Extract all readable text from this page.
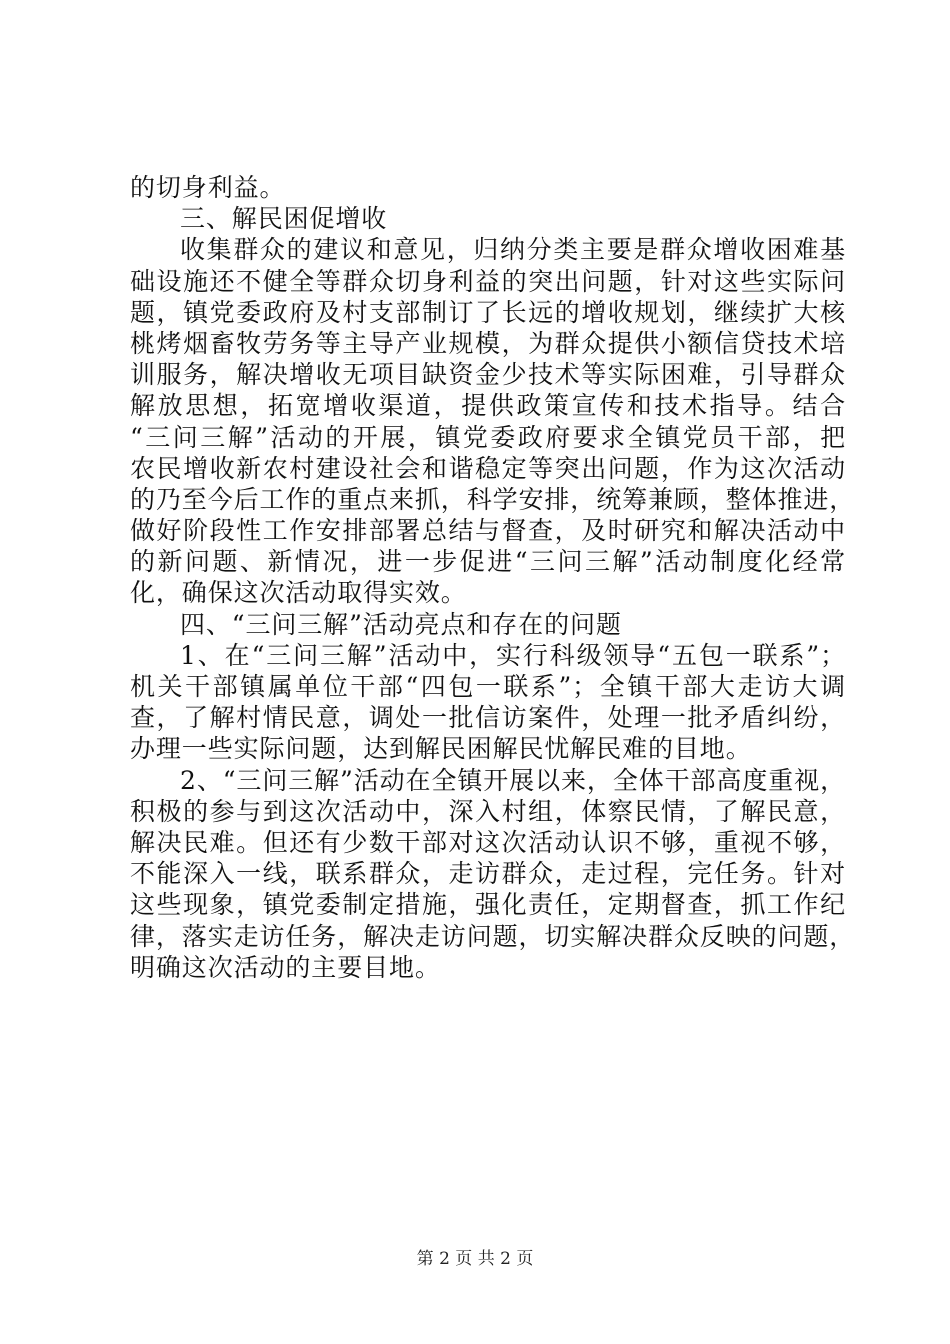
的切身利益。
三、解民困促增收
收集群众的建议和意见，归纳分类主要是群众增收困难基
础设施还不健全等群众切身利益的突出问题，针对这些实际问
题，镇党委政府及村支部制订了长远的增收规划，继续扩大核
桃烤烟畜牧劳务等主导产业规模，为群众提供小额信贷技术培
训服务，解决增收无项目缺资金少技术等实际困难，引导群众
解放思想，拓宽增收渠道，提供政策宣传和技术指导。结合
“三问三解”活动的开展，镇党委政府要求全镇党员干部，把
农民增收新农村建设社会和谐稳定等突出问题，作为这次活动
的乃至今后工作的重点来抓，科学安排，统筹兼顾，整体推进，
做好阶段性工作安排部署总结与督查，及时研究和解决活动中
的新问题、新情况，进一步促进“三问三解”活动制度化经常
化，确保这次活动取得实效。
四、“三问三解”活动亮点和存在的问题
1、在“三问三解”活动中，实行科级领导“五包一联系”；
机关干部镇属单位干部“四包一联系”；全镇干部大走访大调
查，了解村情民意，调处一批信访案件，处理一批矛盾纠纷，
办理一些实际问题，达到解民困解民忧解民难的目地。
2、“三问三解”活动在全镇开展以来，全体干部高度重视，
积极的参与到这次活动中，深入村组，体察民情，了解民意，
解决民难。但还有少数干部对这次活动认识不够，重视不够，
不能深入一线，联系群众，走访群众，走过程，完任务。针对
这些现象，镇党委制定措施，强化责任，定期督查，抓工作纪
律，落实走访任务，解决走访问题，切实解决群众反映的问题，
明确这次活动的主要目地。
第 2 页 共 2 页
